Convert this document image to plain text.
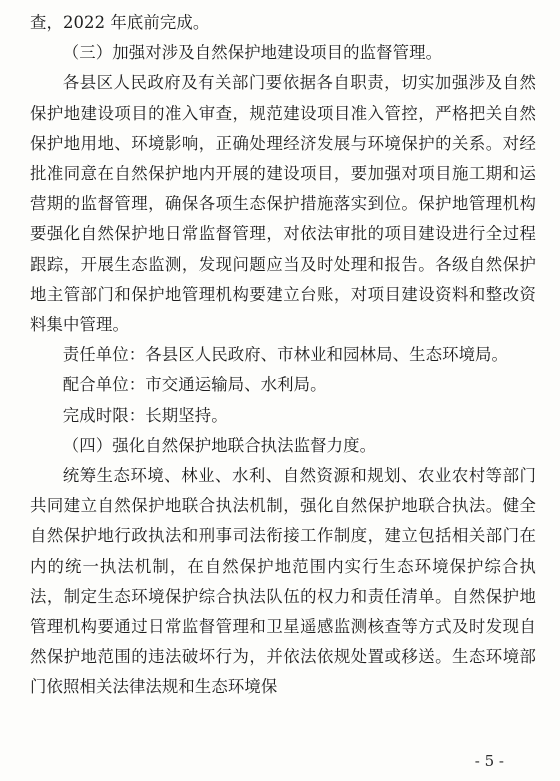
查，2022 年底前完成。

（三）加强对涉及自然保护地建设项目的监督管理。

各县区人民政府及有关部门要依据各自职责，切实加强涉及自然保护地建设项目的准入审查，规范建设项目准入管控，严格把关自然保护地用地、环境影响，正确处理经济发展与环境保护的关系。对经批准同意在自然保护地内开展的建设项目，要加强对项目施工期和运营期的监督管理，确保各项生态保护措施落实到位。保护地管理机构要强化自然保护地日常监督管理，对依法审批的项目建设进行全过程跟踪，开展生态监测，发现问题应当及时处理和报告。各级自然保护地主管部门和保护地管理机构要建立台账，对项目建设资料和整改资料集中管理。

责任单位：各县区人民政府、市林业和园林局、生态环境局。

配合单位：市交通运输局、水利局。

完成时限：长期坚持。

（四）强化自然保护地联合执法监督力度。

统筹生态环境、林业、水利、自然资源和规划、农业农村等部门共同建立自然保护地联合执法机制，强化自然保护地联合执法。健全自然保护地行政执法和刑事司法衔接工作制度，建立包括相关部门在内的统一执法机制，在自然保护地范围内实行生态环境保护综合执法，制定生态环境保护综合执法队伍的权力和责任清单。自然保护地管理机构要通过日常监督管理和卫星遥感监测核查等方式及时发现自然保护地范围的违法破坏行为，并依法依规处置或移送。生态环境部门依照相关法律法规和生态环境保

- 5 -
